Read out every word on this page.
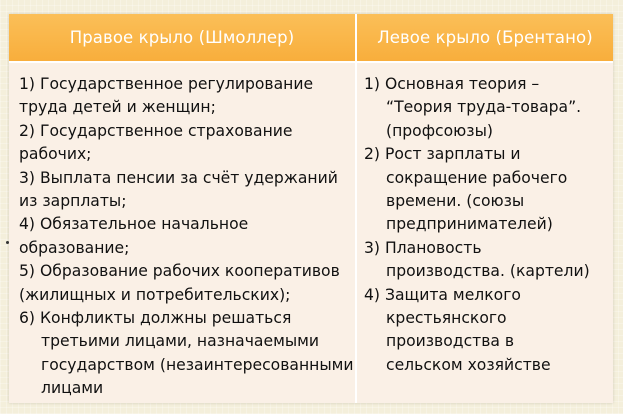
Правое крыло (Шмоллер)	Левое крыло (Брентано)
1) Государственное регулирование
труда детей и женщин;
2) Государственное страхование
рабочих;
3) Выплата пенсии за счёт удержаний
из зарплаты;
4) Обязательное начальное
образование;
5) Образование рабочих кооперативов
(жилищных и потребительских);
6) Конфликты должны решаться
третьими лицами, назначаемыми
государством (незаинтересованными
лицами
1) Основная теория –
“Теория труда-товара”.
(профсоюзы)
2) Рост зарплаты и
сокращение рабочего
времени. (союзы
предпринимателей)
3) Плановость
производства. (картели)
4) Защита мелкого
крестьянского
производства в
сельском хозяйстве
